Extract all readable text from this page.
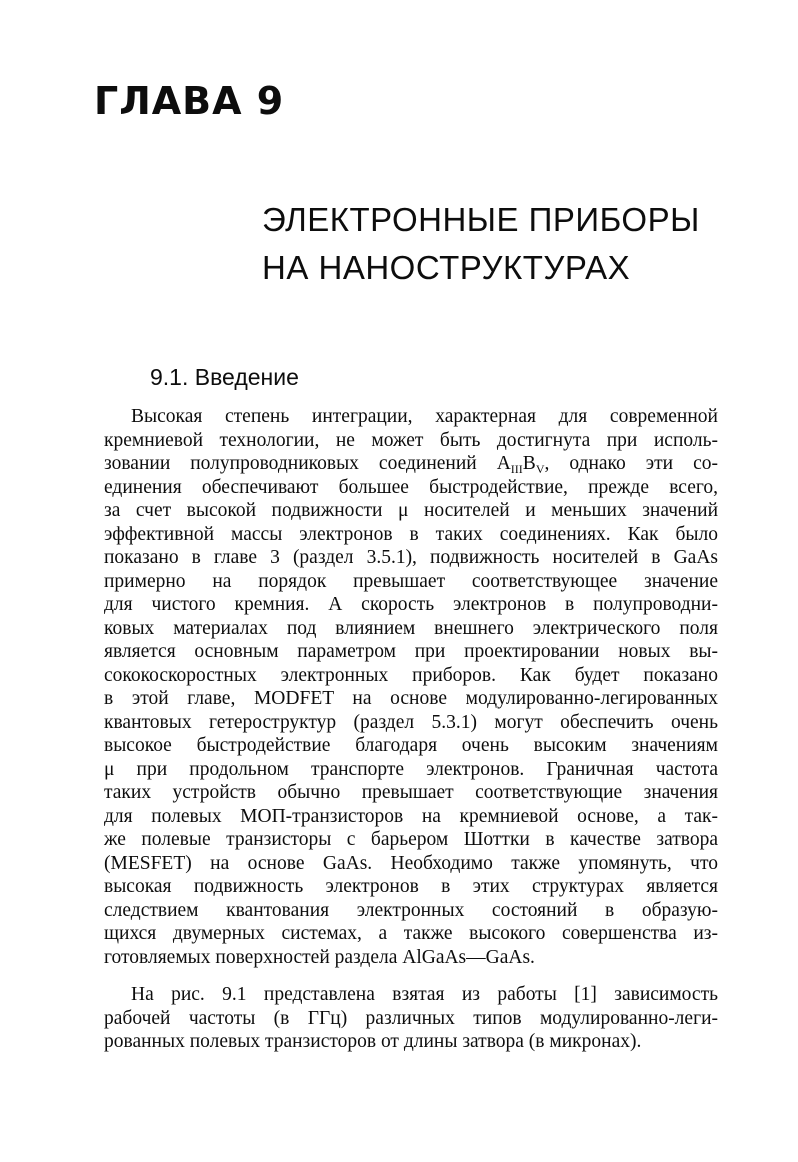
ГЛАВА 9
ЭЛЕКТРОННЫЕ ПРИБОРЫ
НА НАНОСТРУКТУРАХ
9.1. Введение
Высокая степень интеграции, характерная для современной
кремниевой технологии, не может быть достигнута при исполь-
зовании полупроводниковых соединений $A_{III}B_V$, однако эти со-
единения обеспечивают большее быстродействие, прежде всего,
за счет высокой подвижности μ носителей и меньших значений
эффективной массы электронов в таких соединениях. Как было
показано в главе 3 (раздел 3.5.1), подвижность носителей в GaAs
примерно на порядок превышает соответствующее значение
для чистого кремния. А скорость электронов в полупроводни-
ковых материалах под влиянием внешнего электрического поля
является основным параметром при проектировании новых вы-
сококоскоростных электронных приборов. Как будет показано
в этой главе, MODFET на основе модулированно-легированных
квантовых гетероструктур (раздел 5.3.1) могут обеспечить очень
высокое быстродействие благодаря очень высоким значениям
μ при продольном транспорте электронов. Граничная частота
таких устройств обычно превышает соответствующие значения
для полевых МОП-транзисторов на кремниевой основе, а так-
же полевые транзисторы с барьером Шоттки в качестве затвора
(MESFET) на основе GaAs. Необходимо также упомянуть, что
высокая подвижность электронов в этих структурах является
следствием квантования электронных состояний в образую-
щихся двумерных системах, а также высокого совершенства из-
готовляемых поверхностей раздела AlGaAs—GaAs.
На рис. 9.1 представлена взятая из работы [1] зависимость
рабочей частоты (в ГГц) различных типов модулированно-леги-
рованных полевых транзисторов от длины затвора (в микронах).
